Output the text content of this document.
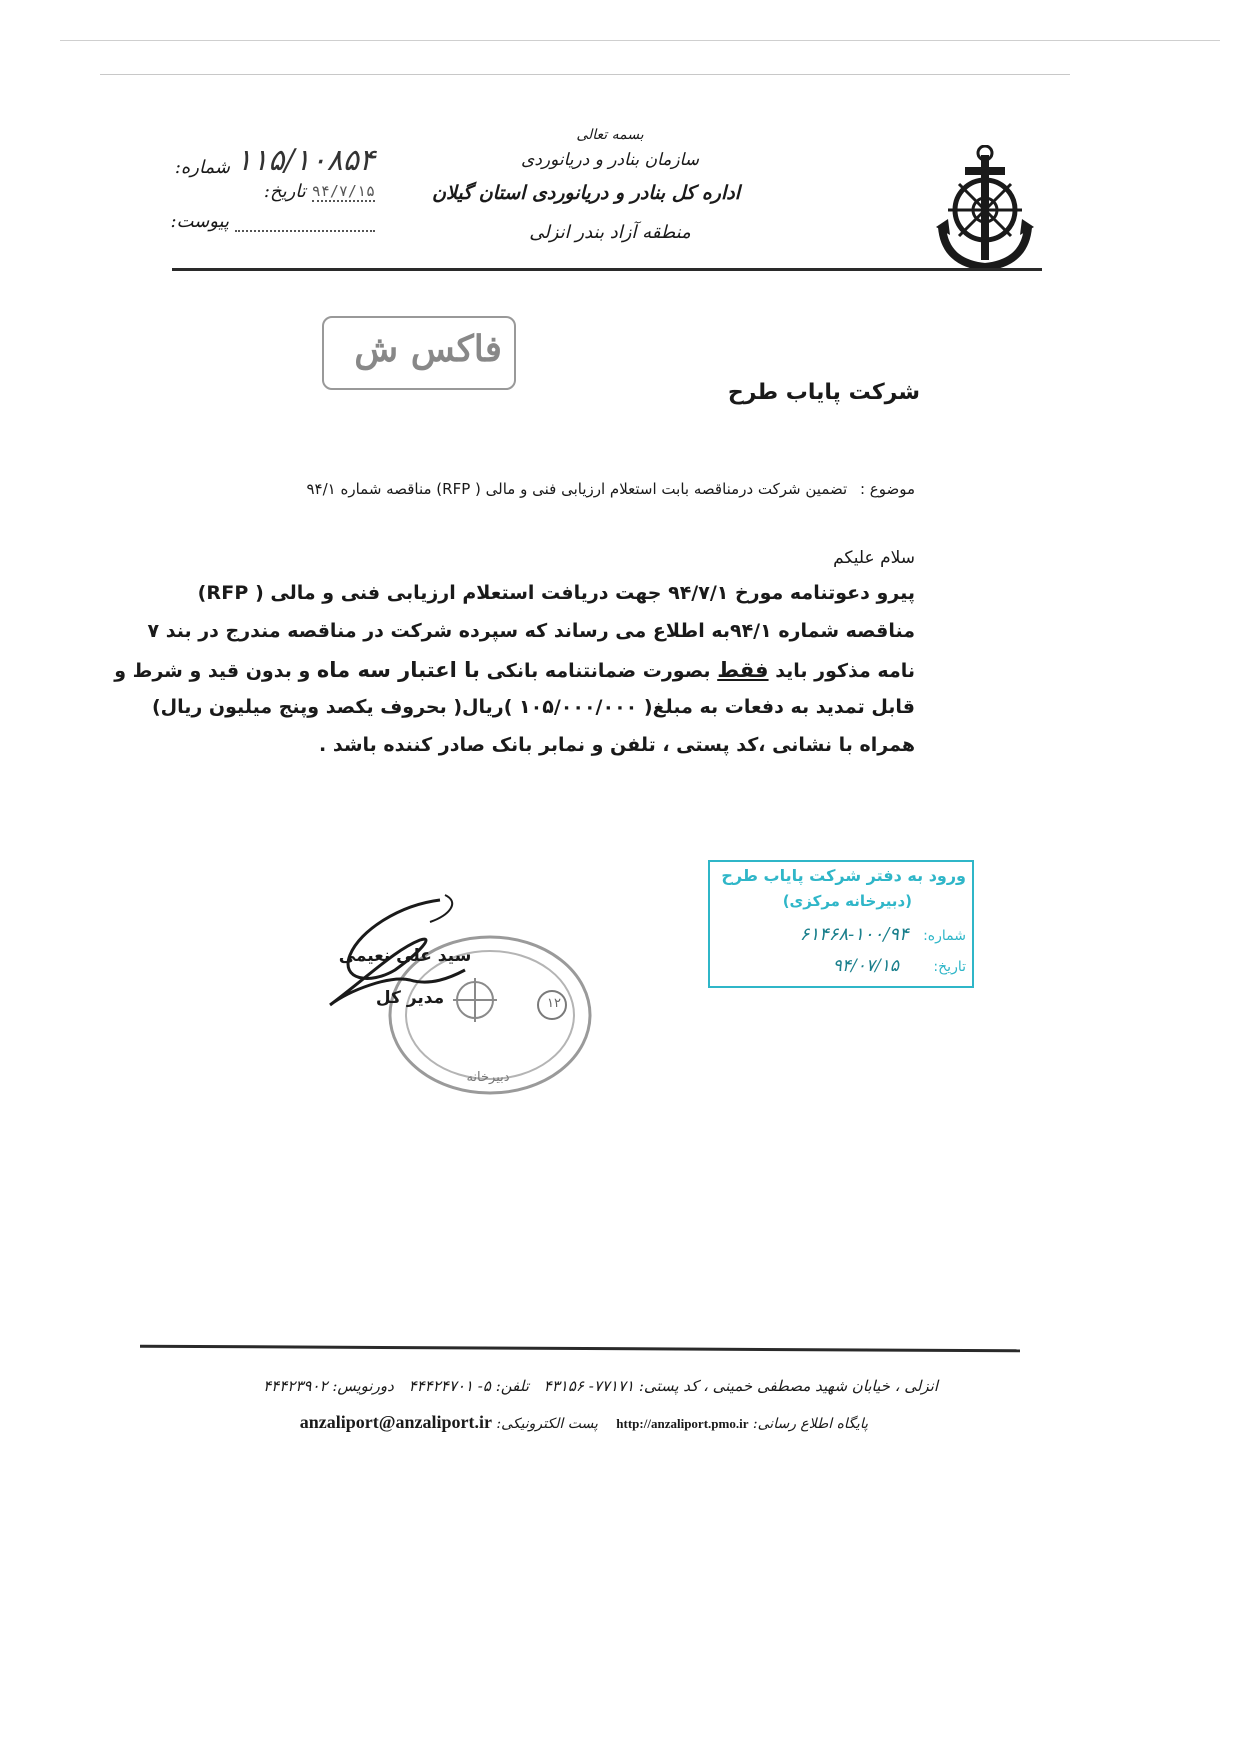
بسمه تعالی
سازمان بنادر و دریانوردی
اداره کل بنادر و دریانوردی استان گیلان
منطقه آزاد بندر انزلی
شماره: ۱۱۵/۱۰۸۵۴
تاریخ: ۹۴/۷/۱۵
پیوست:
فاکس ش
شرکت پایاب طرح
موضوع : تضمین شرکت درمناقصه بابت استعلام ارزیابی فنی و مالی ( RFP) مناقصه شماره ۹۴/۱
سلام علیکم
پیرو دعوتنامه مورخ ۹۴/۷/۱ جهت دریافت استعلام ارزیابی فنی و مالی ( RFP)
مناقصه شماره ۹۴/۱به اطلاع می رساند که سپرده شرکت در مناقصه مندرج در بند ۷
نامه مذکور باید فقط بصورت ضمانتنامه بانکی با اعتبار سه ماه و بدون قید و شرط و
قابل تمدید به دفعات به مبلغ( ۱۰۵/۰۰۰/۰۰۰ )ریال( بحروف یکصد وپنج میلیون ریال)
همراه با نشانی ،کد پستی ، تلفن و نمابر بانک صادر کننده باشد .
ورود به دفتر شرکت پایاب طرح
(دبیرخانه مرکزی)
شماره: ۱۰۰/۹۴-۶۱۴۶۸
تاریخ: ۹۴/۰۷/۱۵
۱۲
دبیرخانه
سید علی نعیمی
مدیر کل
انزلی ، خیابان شهید مصطفی خمینی ، کد پستی: ۷۷۱۷۱- ۴۳۱۵۶ تلفن: ۵- ۴۴۴۲۴۷۰۱ دورنویس: ۴۴۴۲۳۹۰۲
پایگاه اطلاع رسانی: http://anzaliport.pmo.ir پست الکترونیکی: anzaliport@anzaliport.ir
